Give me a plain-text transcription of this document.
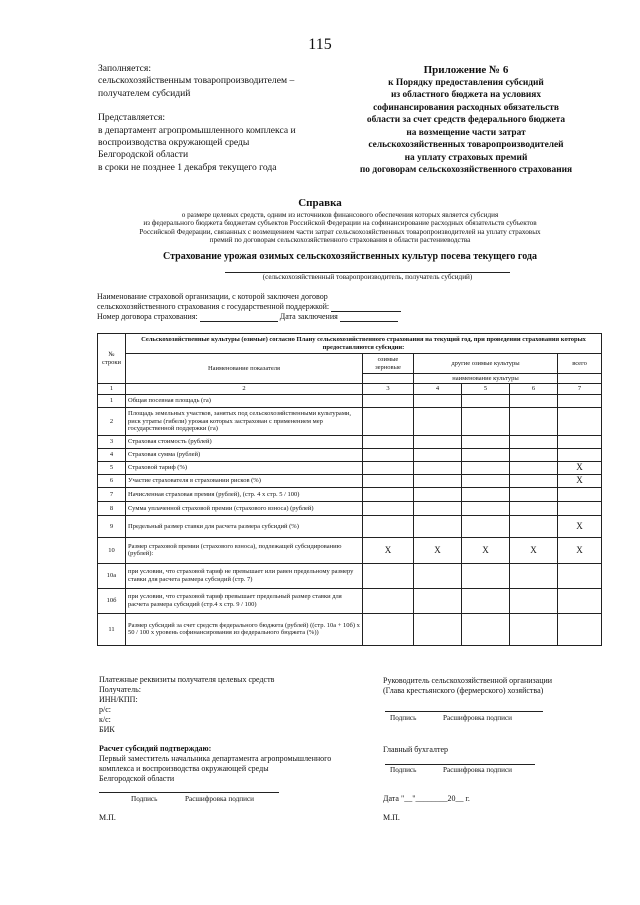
115
Заполняется:
сельскохозяйственным товаропроизводителем –
получателем субсидий
Представляется:
в департамент агропромышленного комплекса и
воспроизводства окружающей среды
Белгородской области
в сроки не позднее 1 декабря текущего года
Приложение № 6
к Порядку предоставления субсидий
из областного бюджета на условиях
софинансирования расходных обязательств
области за счет средств федерального бюджета
на возмещение части затрат
сельскохозяйственных товаропроизводителей
на уплату страховых премий
по договорам сельскохозяйственного страхования
Справка
о размере целевых средств, одним из источников финансового обеспечения которых является субсидия
из федерального бюджета бюджетам субъектов Российской Федерации на софинансирование расходных обязательств субъектов
Российской Федерации, связанных с возмещением части затрат сельскохозяйственных товаропроизводителей на уплату страховых
премий по договорам сельскохозяйственного страхования в области растениеводства
Страхование урожая озимых сельскохозяйственных культур посева текущего года
(сельскохозяйственный товаропроизводитель, получатель субсидий)
Наименование страховой организации, с которой заключен договор
сельскохозяйственного страхования с государственной поддержкой:
Номер договора страхования:	Дата заключения
№ строки	Сельскохозяйственные культуры (озимые) согласно Плану сельскохозяйственного страхования на текущий год, при проведении страхования которых предоставляются субсидии:					
	Наименование показателя	озимые зерновые	другие озимые культуры			всего
			наименование культуры			
1	2	3	4	5	6	7
1	Общая посевная площадь (га)					
2	Площадь земельных участков, занятых под сельскохозяйственными культурами, риск утраты (гибели) урожая которых застрахован с применением мер государственной поддержки (га)					
3	Страховая стоимость (рублей)					
4	Страховая сумма (рублей)					
5	Страховой тариф (%)					X
6	Участие страхователя в страховании рисков (%)					X
7	Начисленная страховая премия (рублей), (стр. 4 х стр. 5 / 100)					
8	Сумма уплаченной страховой премии (страхового взноса) (рублей)					
9	Предельный размер ставки для расчета размера субсидий (%)					X
10	Размер страховой премии (страхового взноса), подлежащей субсидированию (рублей):	X	X	X	X	X
10а	при условии, что страховой тариф не превышает или равен предельному размеру ставки для расчета размера субсидий (стр. 7)					
10б	при условии, что страховой тариф превышает предельный размер ставки для расчета размера субсидий (стр.4 х стр. 9 / 100)					
11	Размер субсидий за счет средств федерального бюджета (рублей) ((стр. 10а + 10б) х 50 / 100 х уровень софинансирования из федерального бюджета (%))					
Платежные реквизиты получателя целевых средств
Получатель:
ИНН/КПП:
р/с:
к/с:
БИК
Расчет субсидий подтверждаю:
Первый заместитель начальника департамента агропромышленного
комплекса и воспроизводства окружающей среды
Белгородской области
Подпись	Расшифровка подписи
М.П.
Руководитель сельскохозяйственной организации
(Глава крестьянского (фермерского) хозяйства)
Подпись	Расшифровка подписи
Главный бухгалтер
Подпись	Расшифровка подписи
Дата "__"________20__ г.
М.П.
